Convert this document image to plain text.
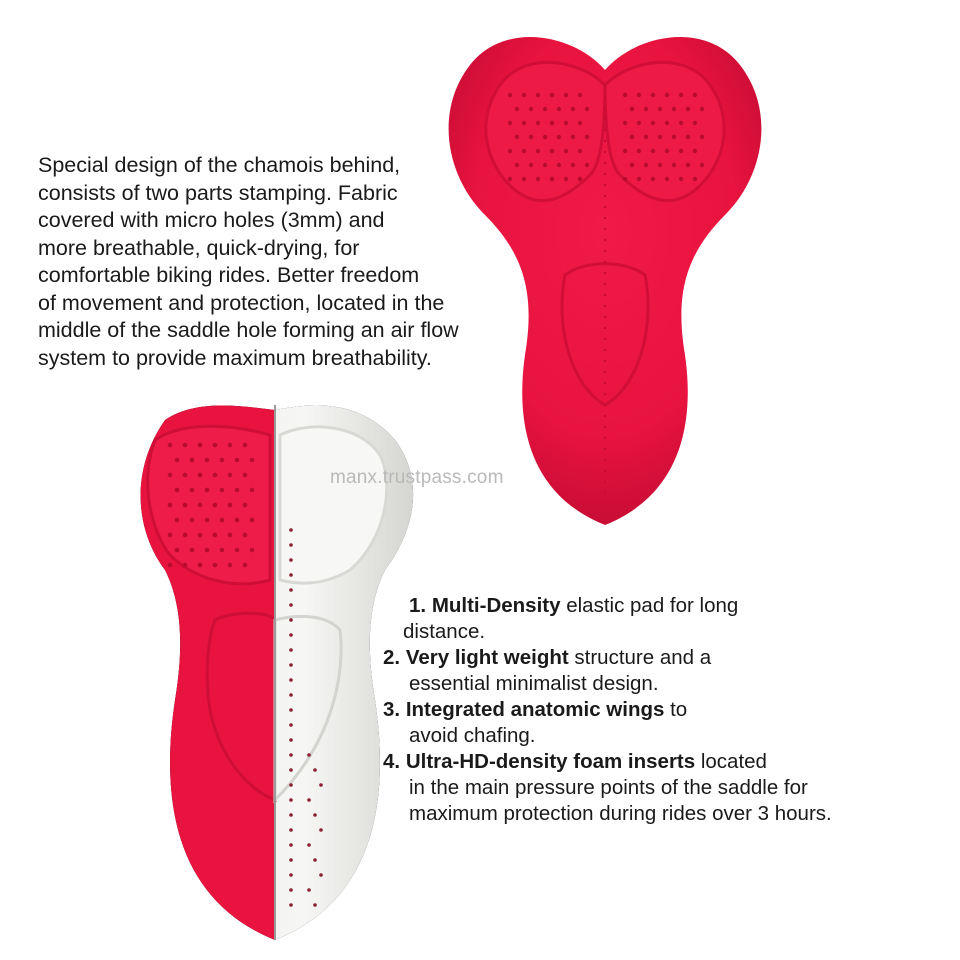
Special design of the chamois behind,
consists of two parts stamping. Fabric
covered with micro holes (3mm) and
more breathable, quick-drying, for
comfortable biking rides. Better freedom
of movement and protection, located in the
middle of the saddle hole forming an air flow
system to provide maximum breathability.

manx.trustpass.com
1. Multi-Density elastic pad for long
distance.
2. Very light weight structure and a
essential minimalist design.
3. Integrated anatomic wings to
avoid chafing.
4. Ultra-HD-density foam inserts located
in the main pressure points of the saddle for
maximum protection during rides over 3 hours.
